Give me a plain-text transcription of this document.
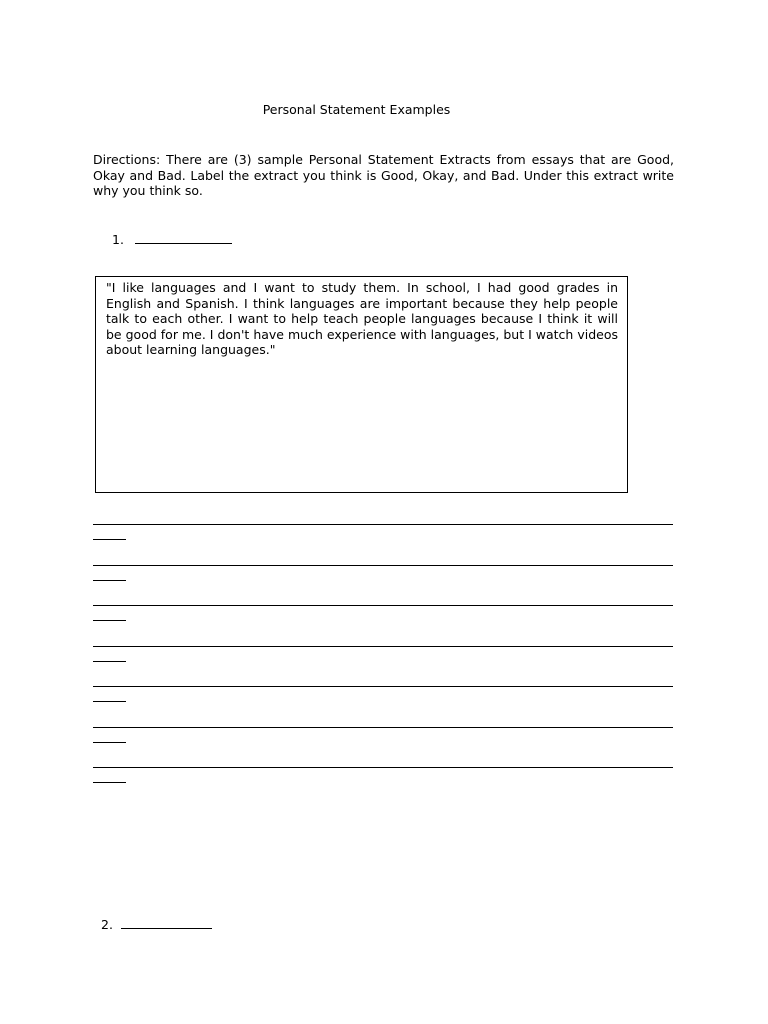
Personal Statement Examples
Directions: There are (3) sample Personal Statement Extracts from essays that are Good, Okay and Bad. Label the extract you think is Good, Okay, and Bad. Under this extract write why you think so.
1.

"I like languages and I want to study them. In school, I had good grades in English and Spanish. I think languages are important because they help people talk to each other. I want to help teach people languages because I think it will be good for me. I don't have much experience with languages, but I watch videos about learning languages."

2.
